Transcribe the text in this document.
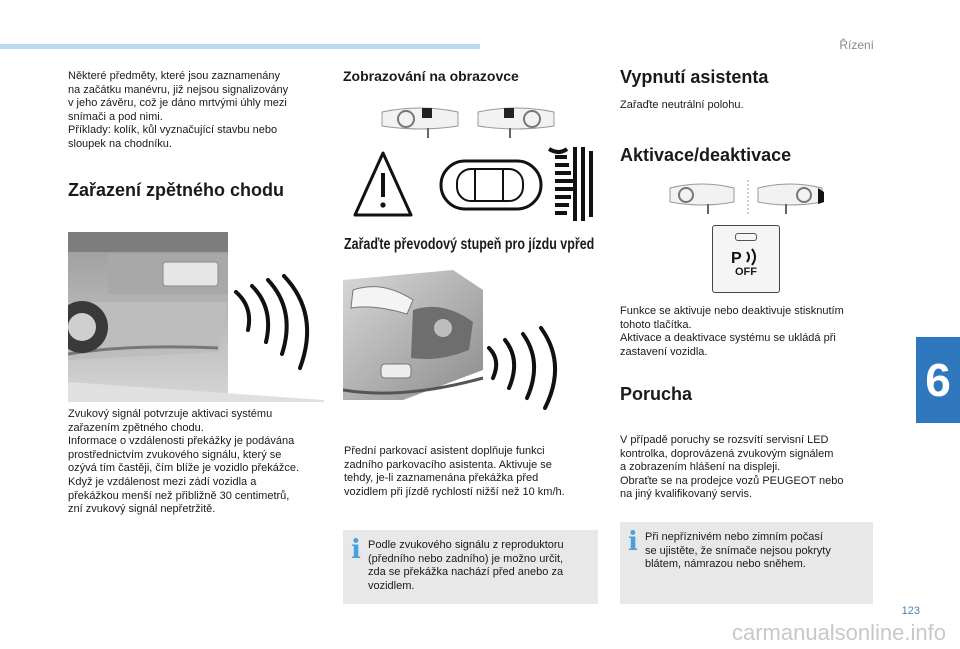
Řízení
6
123
carmanualsonline.info

Některé předměty, které jsou zaznamenány
na začátku manévru, již nejsou signalizovány
v jeho závěru, což je dáno mrtvými úhly mezi
snímači a pod nimi.
Příklady: kolík, kůl vyznačující stavbu nebo
sloupek na chodníku.

Zařazení zpětného chodu

Zvukový signál potvrzuje aktivaci systému
zařazením zpětného chodu.
Informace o vzdálenosti překážky je podávána
prostřednictvím zvukového signálu, který se
ozývá tím častěji, čím blíže je vozidlo překážce.
Když je vzdálenost mezi zádí vozidla a
překážkou menší než přibližně 30 centimetrů,
zní zvukový signál nepřetržitě.

Zobrazování na obrazovce
Zařaďte převodový stupeň pro jízdu vpřed

Přední parkovací asistent doplňuje funkci
zadního parkovacího asistenta. Aktivuje se
tehdy, je-li zaznamenána překážka před
vozidlem při jízdě rychlostí nižší než 10 km/h.

i Podle zvukového signálu z reproduktoru
(předního nebo zadního) je možno určit,
zda se překážka nachází před anebo za
vozidlem.

Vypnutí asistenta

Zařaďte neutrální polohu.

Aktivace/deaktivace
P
OFF

Funkce se aktivuje nebo deaktivuje stisknutím
tohoto tlačítka.
Aktivace a deaktivace systému se ukládá při
zastavení vozidla.

Porucha

V případě poruchy se rozsvítí servisní LED
kontrolka, doprovázená zvukovým signálem
a zobrazením hlášení na displeji.
Obraťte se na prodejce vozů PEUGEOT nebo
na jiný kvalifikovaný servis.

i Při nepříznivém nebo zimním počasí
se ujistěte, že snímače nejsou pokryty
blátem, námrazou nebo sněhem.
